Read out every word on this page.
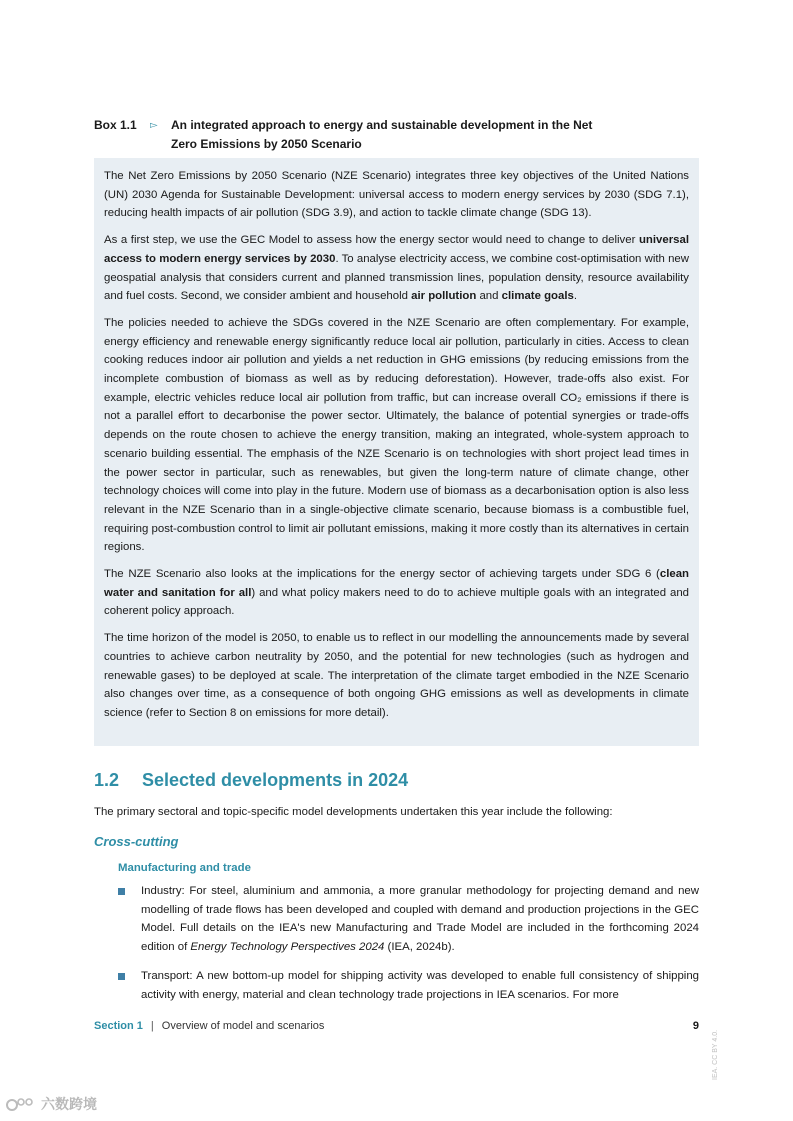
Box 1.1	▻	An integrated approach to energy and sustainable development in the Net Zero Emissions by 2050 Scenario

The Net Zero Emissions by 2050 Scenario (NZE Scenario) integrates three key objectives of the United Nations (UN) 2030 Agenda for Sustainable Development: universal access to modern energy services by 2030 (SDG 7.1), reducing health impacts of air pollution (SDG 3.9), and action to tackle climate change (SDG 13).

As a first step, we use the GEC Model to assess how the energy sector would need to change to deliver universal access to modern energy services by 2030. To analyse electricity access, we combine cost-optimisation with new geospatial analysis that considers current and planned transmission lines, population density, resource availability and fuel costs. Second, we consider ambient and household air pollution and climate goals.

The policies needed to achieve the SDGs covered in the NZE Scenario are often complementary. For example, energy efficiency and renewable energy significantly reduce local air pollution, particularly in cities. Access to clean cooking reduces indoor air pollution and yields a net reduction in GHG emissions (by reducing emissions from the incomplete combustion of biomass as well as by reducing deforestation). However, trade-offs also exist. For example, electric vehicles reduce local air pollution from traffic, but can increase overall CO₂ emissions if there is not a parallel effort to decarbonise the power sector. Ultimately, the balance of potential synergies or trade-offs depends on the route chosen to achieve the energy transition, making an integrated, whole-system approach to scenario building essential. The emphasis of the NZE Scenario is on technologies with short project lead times in the power sector in particular, such as renewables, but given the long-term nature of climate change, other technology choices will come into play in the future. Modern use of biomass as a decarbonisation option is also less relevant in the NZE Scenario than in a single-objective climate scenario, because biomass is a combustible fuel, requiring post-combustion control to limit air pollutant emissions, making it more costly than its alternatives in certain regions.

The NZE Scenario also looks at the implications for the energy sector of achieving targets under SDG 6 (clean water and sanitation for all) and what policy makers need to do to achieve multiple goals with an integrated and coherent policy approach.

The time horizon of the model is 2050, to enable us to reflect in our modelling the announcements made by several countries to achieve carbon neutrality by 2050, and the potential for new technologies (such as hydrogen and renewable gases) to be deployed at scale. The interpretation of the climate target embodied in the NZE Scenario also changes over time, as a consequence of both ongoing GHG emissions as well as developments in climate science (refer to Section 8 on emissions for more detail).

1.2	Selected developments in 2024

The primary sectoral and topic-specific model developments undertaken this year include the following:

Cross-cutting

Manufacturing and trade

Industry: For steel, aluminium and ammonia, a more granular methodology for projecting demand and new modelling of trade flows has been developed and coupled with demand and production projections in the GEC Model. Full details on the IEA's new Manufacturing and Trade Model are included in the forthcoming 2024 edition of Energy Technology Perspectives 2024 (IEA, 2024b).
Transport: A new bottom-up model for shipping activity was developed to enable full consistency of shipping activity with energy, material and clean technology trade projections in IEA scenarios. For more
Section 1 | Overview of model and scenarios	9
IEA. CC BY 4.0.
六数跨境
